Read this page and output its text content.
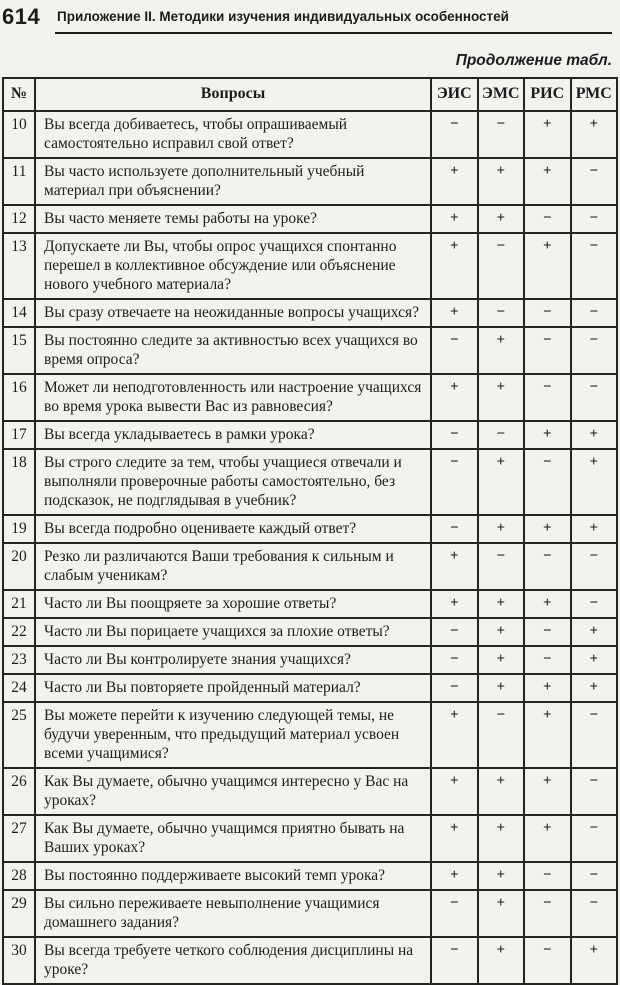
614	Приложение II. Методики изучения индивидуальных особенностей
Продолжение табл.
№	Вопросы	ЭИС	ЭМС	РИС	РМС
10	Вы всегда добиваетесь, чтобы опрашиваемый самостоятельно исправил свой ответ?	−	−	+	+
11	Вы часто используете дополнительный учебный материал при объяснении?	+	+	+	−
12	Вы часто меняете темы работы на уроке?	+	+	−	−
13	Допускаете ли Вы, чтобы опрос учащихся спонтанно перешел в коллективное обсуждение или объяснение нового учебного материала?	+	−	+	−
14	Вы сразу отвечаете на неожиданные вопросы учащихся?	+	−	−	−
15	Вы постоянно следите за активностью всех учащихся во время опроса?	−	+	−	−
16	Может ли неподготовленность или настроение учащихся во время урока вывести Вас из равновесия?	+	+	−	−
17	Вы всегда укладываетесь в рамки урока?	−	−	+	+
18	Вы строго следите за тем, чтобы учащиеся отвечали и выполняли проверочные работы самостоятельно, без подсказок, не подглядывая в учебник?	−	+	−	+
19	Вы всегда подробно оцениваете каждый ответ?	−	+	+	+
20	Резко ли различаются Ваши требования к сильным и слабым ученикам?	+	−	−	−
21	Часто ли Вы поощряете за хорошие ответы?	+	+	+	−
22	Часто ли Вы порицаете учащихся за плохие ответы?	−	+	−	+
23	Часто ли Вы контролируете знания учащихся?	−	+	−	+
24	Часто ли Вы повторяете пройденный материал?	−	+	+	+
25	Вы можете перейти к изучению следующей темы, не будучи уверенным, что предыдущий материал усвоен всеми учащимися?	+	−	+	−
26	Как Вы думаете, обычно учащимся интересно у Вас на уроках?	+	+	+	−
27	Как Вы думаете, обычно учащимся приятно бывать на Ваших уроках?	+	+	+	−
28	Вы постоянно поддерживаете высокий темп урока?	+	+	−	−
29	Вы сильно переживаете невыполнение учащимися домашнего задания?	−	+	−	−
30	Вы всегда требуете четкого соблюдения дисциплины на уроке?	−	+	−	+
